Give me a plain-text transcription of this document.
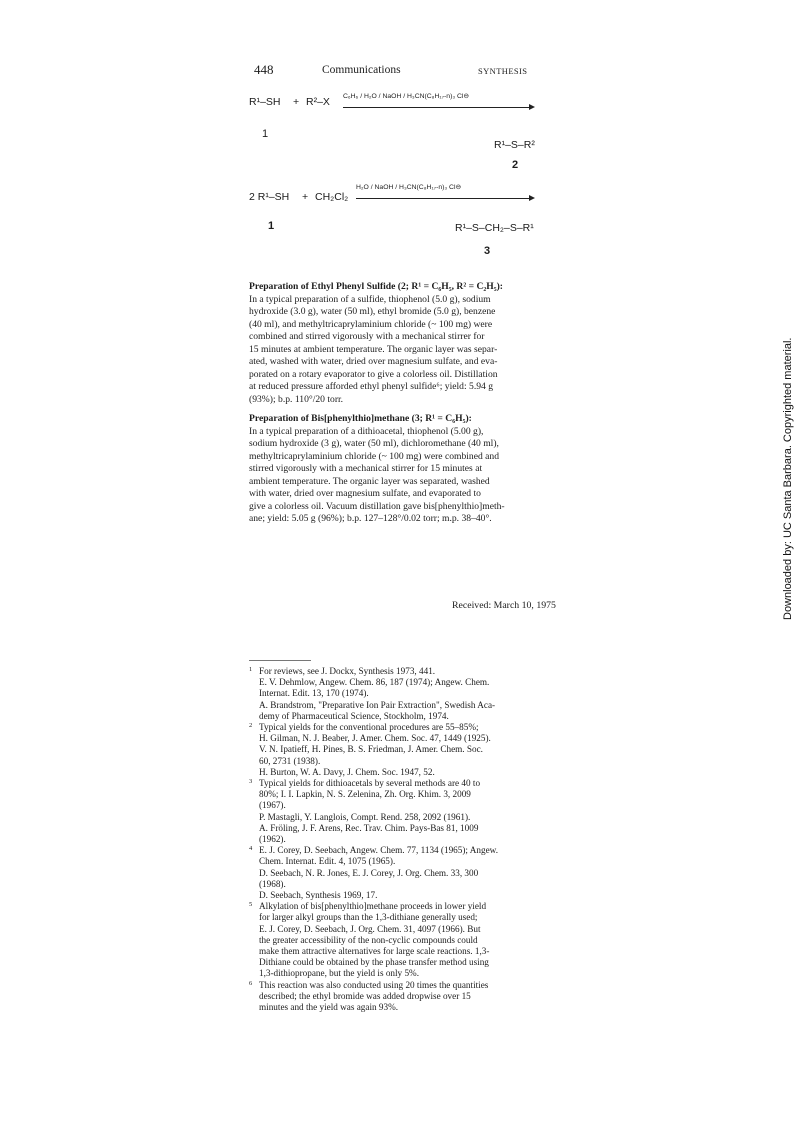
448	Communications	SYNTHESIS
R¹–SH + R²–X C₆H₆ / H₂O / NaOH / H₃CN(C₈H₁₇-n)₃ Cl⊖
1
R¹–S–R²
2
2 R¹–SH + CH₂Cl₂
H₂O / NaOH / H₃CN(C₈H₁₇-n)₃ Cl⊖
1	R¹–S–CH₂–S–R¹
3
Preparation of Ethyl Phenyl Sulfide (2; R¹ = C₆H₅, R² = C₂H₅):
In a typical preparation of a sulfide, thiophenol (5.0 g), sodium
hydroxide (3.0 g), water (50 ml), ethyl bromide (5.0 g), benzene
(40 ml), and methyltricaprylaminium chloride (~ 100 mg) were
combined and stirred vigorously with a mechanical stirrer for
15 minutes at ambient temperature. The organic layer was separ-
ated, washed with water, dried over magnesium sulfate, and eva-
porated on a rotary evaporator to give a colorless oil. Distillation
at reduced pressure afforded ethyl phenyl sulfide⁶; yield: 5.94 g
(93%); b.p. 110°/20 torr.
Preparation of Bis[phenylthio]methane (3; R¹ = C₆H₅):
In a typical preparation of a dithioacetal, thiophenol (5.00 g),
sodium hydroxide (3 g), water (50 ml), dichloromethane (40 ml),
methyltricaprylaminium chloride (~ 100 mg) were combined and
stirred vigorously with a mechanical stirrer for 15 minutes at
ambient temperature. The organic layer was separated, washed
with water, dried over magnesium sulfate, and evaporated to
give a colorless oil. Vacuum distillation gave bis[phenylthio]meth-
ane; yield: 5.05 g (96%); b.p. 127–128°/0.02 torr; m.p. 38–40°.
Received: March 10, 1975
1 For reviews, see J. Dockx, Synthesis 1973, 441.
E. V. Dehmlow, Angew. Chem. 86, 187 (1974); Angew. Chem.
Internat. Edit. 13, 170 (1974).
A. Brandstrom, "Preparative Ion Pair Extraction", Swedish Aca-
demy of Pharmaceutical Science, Stockholm, 1974.
2 Typical yields for the conventional procedures are 55–85%;
H. Gilman, N. J. Beaber, J. Amer. Chem. Soc. 47, 1449 (1925).
V. N. Ipatieff, H. Pines, B. S. Friedman, J. Amer. Chem. Soc.
60, 2731 (1938).
H. Burton, W. A. Davy, J. Chem. Soc. 1947, 52.
3 Typical yields for dithioacetals by several methods are 40 to
80%; I. I. Lapkin, N. S. Zelenina, Zh. Org. Khim. 3, 2009
(1967).
P. Mastagli, Y. Langlois, Compt. Rend. 258, 2092 (1961).
A. Fröling, J. F. Arens, Rec. Trav. Chim. Pays-Bas 81, 1009
(1962).
4 E. J. Corey, D. Seebach, Angew. Chem. 77, 1134 (1965); Angew.
Chem. Internat. Edit. 4, 1075 (1965).
D. Seebach, N. R. Jones, E. J. Corey, J. Org. Chem. 33, 300
(1968).
D. Seebach, Synthesis 1969, 17.
5 Alkylation of bis[phenylthio]methane proceeds in lower yield
for larger alkyl groups than the 1,3-dithiane generally used;
E. J. Corey, D. Seebach, J. Org. Chem. 31, 4097 (1966). But
the greater accessibility of the non-cyclic compounds could
make them attractive alternatives for large scale reactions. 1,3-
Dithiane could be obtained by the phase transfer method using
1,3-dithiopropane, but the yield is only 5%.
6 This reaction was also conducted using 20 times the quantities
described; the ethyl bromide was added dropwise over 15
minutes and the yield was again 93%.
Downloaded by: UC Santa Barbara. Copyrighted material.
